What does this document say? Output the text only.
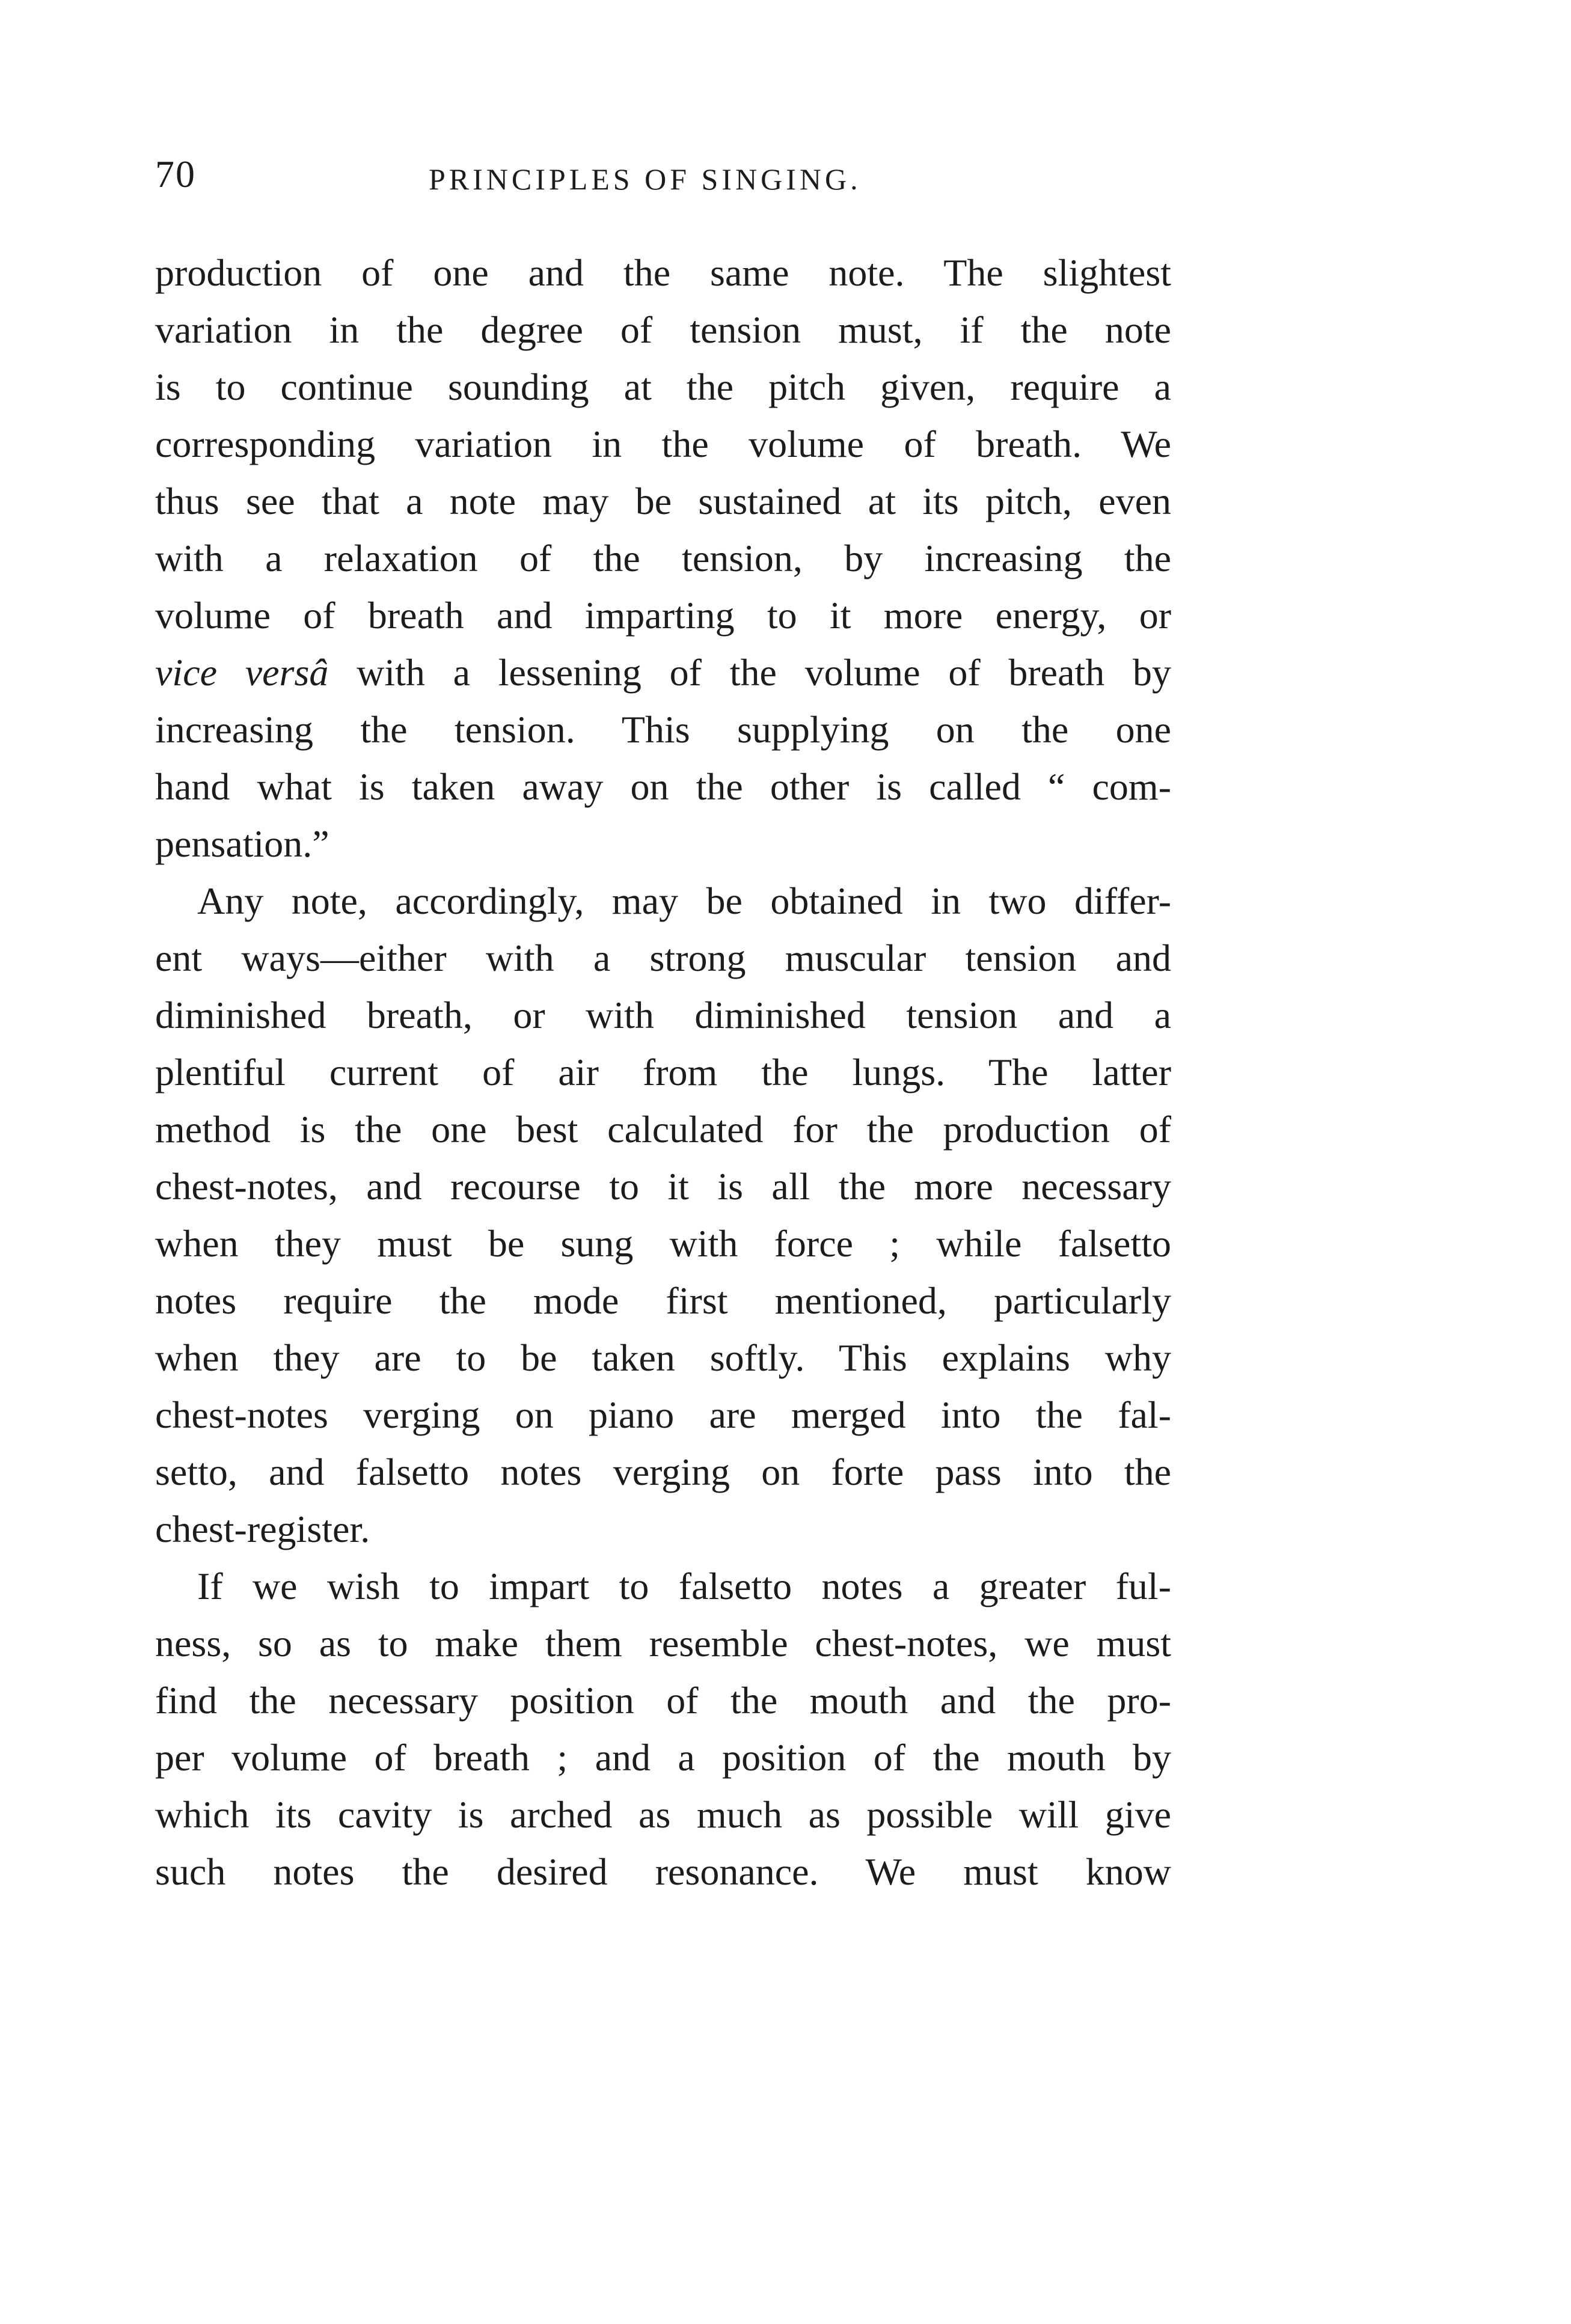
70	PRINCIPLES OF SINGING.
production of one and the same note. The slightest
variation in the degree of tension must, if the note
is to continue sounding at the pitch given, require a
corresponding variation in the volume of breath. We
thus see that a note may be sustained at its pitch, even
with a relaxation of the tension, by increasing the
volume of breath and imparting to it more energy, or
vice versâ with a lessening of the volume of breath by
increasing the tension. This supplying on the one
hand what is taken away on the other is called “ com-
pensation.”
Any note, accordingly, may be obtained in two differ-
ent ways—either with a strong muscular tension and
diminished breath, or with diminished tension and a
plentiful current of air from the lungs. The latter
method is the one best calculated for the production of
chest-notes, and recourse to it is all the more necessary
when they must be sung with force ; while falsetto
notes require the mode first mentioned, particularly
when they are to be taken softly. This explains why
chest-notes verging on piano are merged into the fal-
setto, and falsetto notes verging on forte pass into the
chest-register.
If we wish to impart to falsetto notes a greater ful-
ness, so as to make them resemble chest-notes, we must
find the necessary position of the mouth and the pro-
per volume of breath ; and a position of the mouth by
which its cavity is arched as much as possible will give
such notes the desired resonance. We must know
